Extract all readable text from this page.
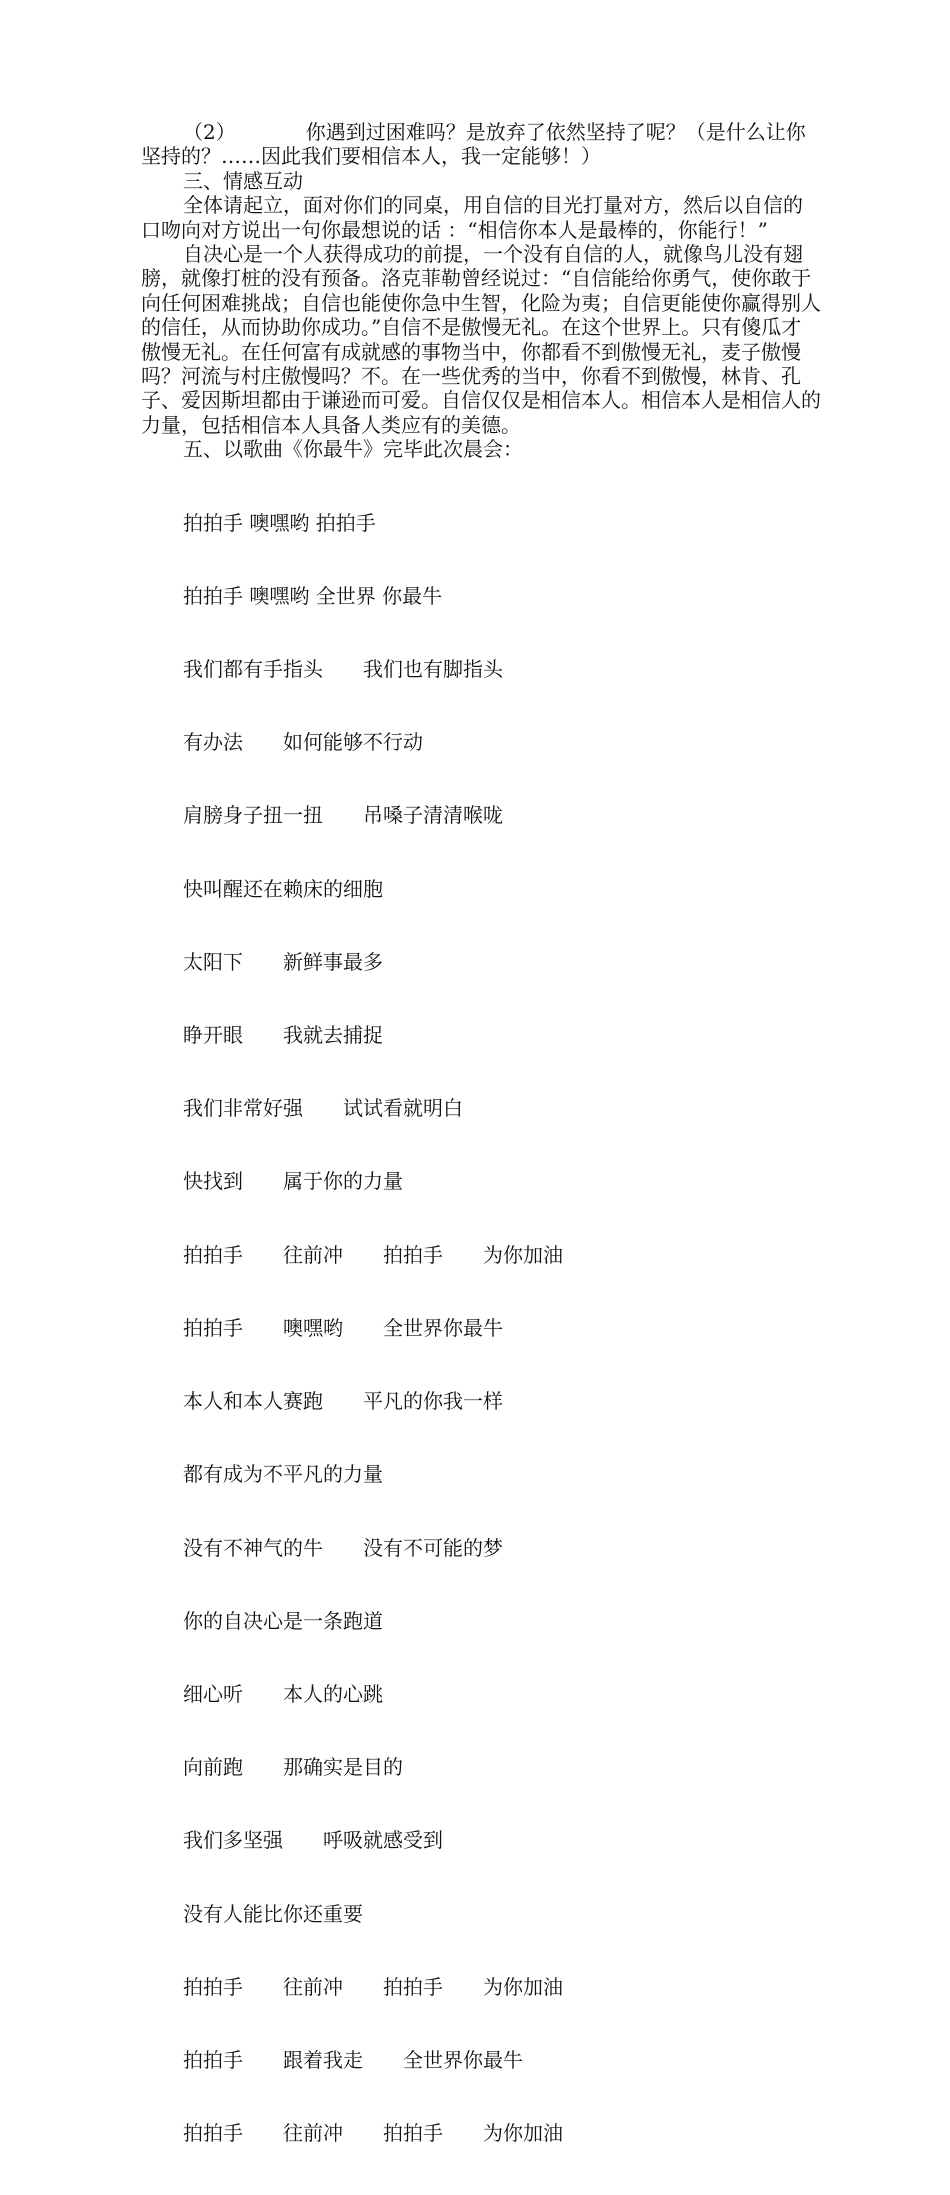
（2）　　　　你遇到过困难吗？是放弃了依然坚持了呢？（是什么让你坚持的？……因此我们要相信本人，我一定能够！）

三、情感互动

全体请起立，面对你们的同桌，用自信的目光打量对方，然后以自信的口吻向对方说出一句你最想说的话 ：“相信你本人是最棒的，你能行！”

自决心是一个人获得成功的前提，一个没有自信的人，就像鸟儿没有翅膀，就像打桩的没有预备。洛克菲勒曾经说过：“自信能给你勇气，使你敢于向任何困难挑战；自信也能使你急中生智，化险为夷；自信更能使你赢得别人的信任，从而协助你成功。”自信不是傲慢无礼。在这个世界上。只有傻瓜才傲慢无礼。在任何富有成就感的事物当中，你都看不到傲慢无礼，麦子傲慢吗？河流与村庄傲慢吗？不。在一些优秀的当中，你看不到傲慢，林肯、孔子、爱因斯坦都由于谦逊而可爱。自信仅仅是相信本人。相信本人是相信人的力量，包括相信本人具备人类应有的美德。

五、以歌曲《你最牛》完毕此次晨会：

拍拍手 噢嘿哟 拍拍手

拍拍手 噢嘿哟 全世界 你最牛

我们都有手指头　　我们也有脚指头

有办法　　如何能够不行动

肩膀身子扭一扭　　吊嗓子清清喉咙

快叫醒还在赖床的细胞

太阳下　　新鲜事最多

睁开眼　　我就去捕捉

我们非常好强　　试试看就明白

快找到　　属于你的力量

拍拍手　　往前冲　　拍拍手　　为你加油

拍拍手　　噢嘿哟　　全世界你最牛

本人和本人赛跑　　平凡的你我一样

都有成为不平凡的力量

没有不神气的牛　　没有不可能的梦

你的自决心是一条跑道

细心听　　本人的心跳

向前跑　　那确实是目的

我们多坚强　　呼吸就感受到

没有人能比你还重要

拍拍手　　往前冲　　拍拍手　　为你加油

拍拍手　　跟着我走　　全世界你最牛

拍拍手　　往前冲　　拍拍手　　为你加油
